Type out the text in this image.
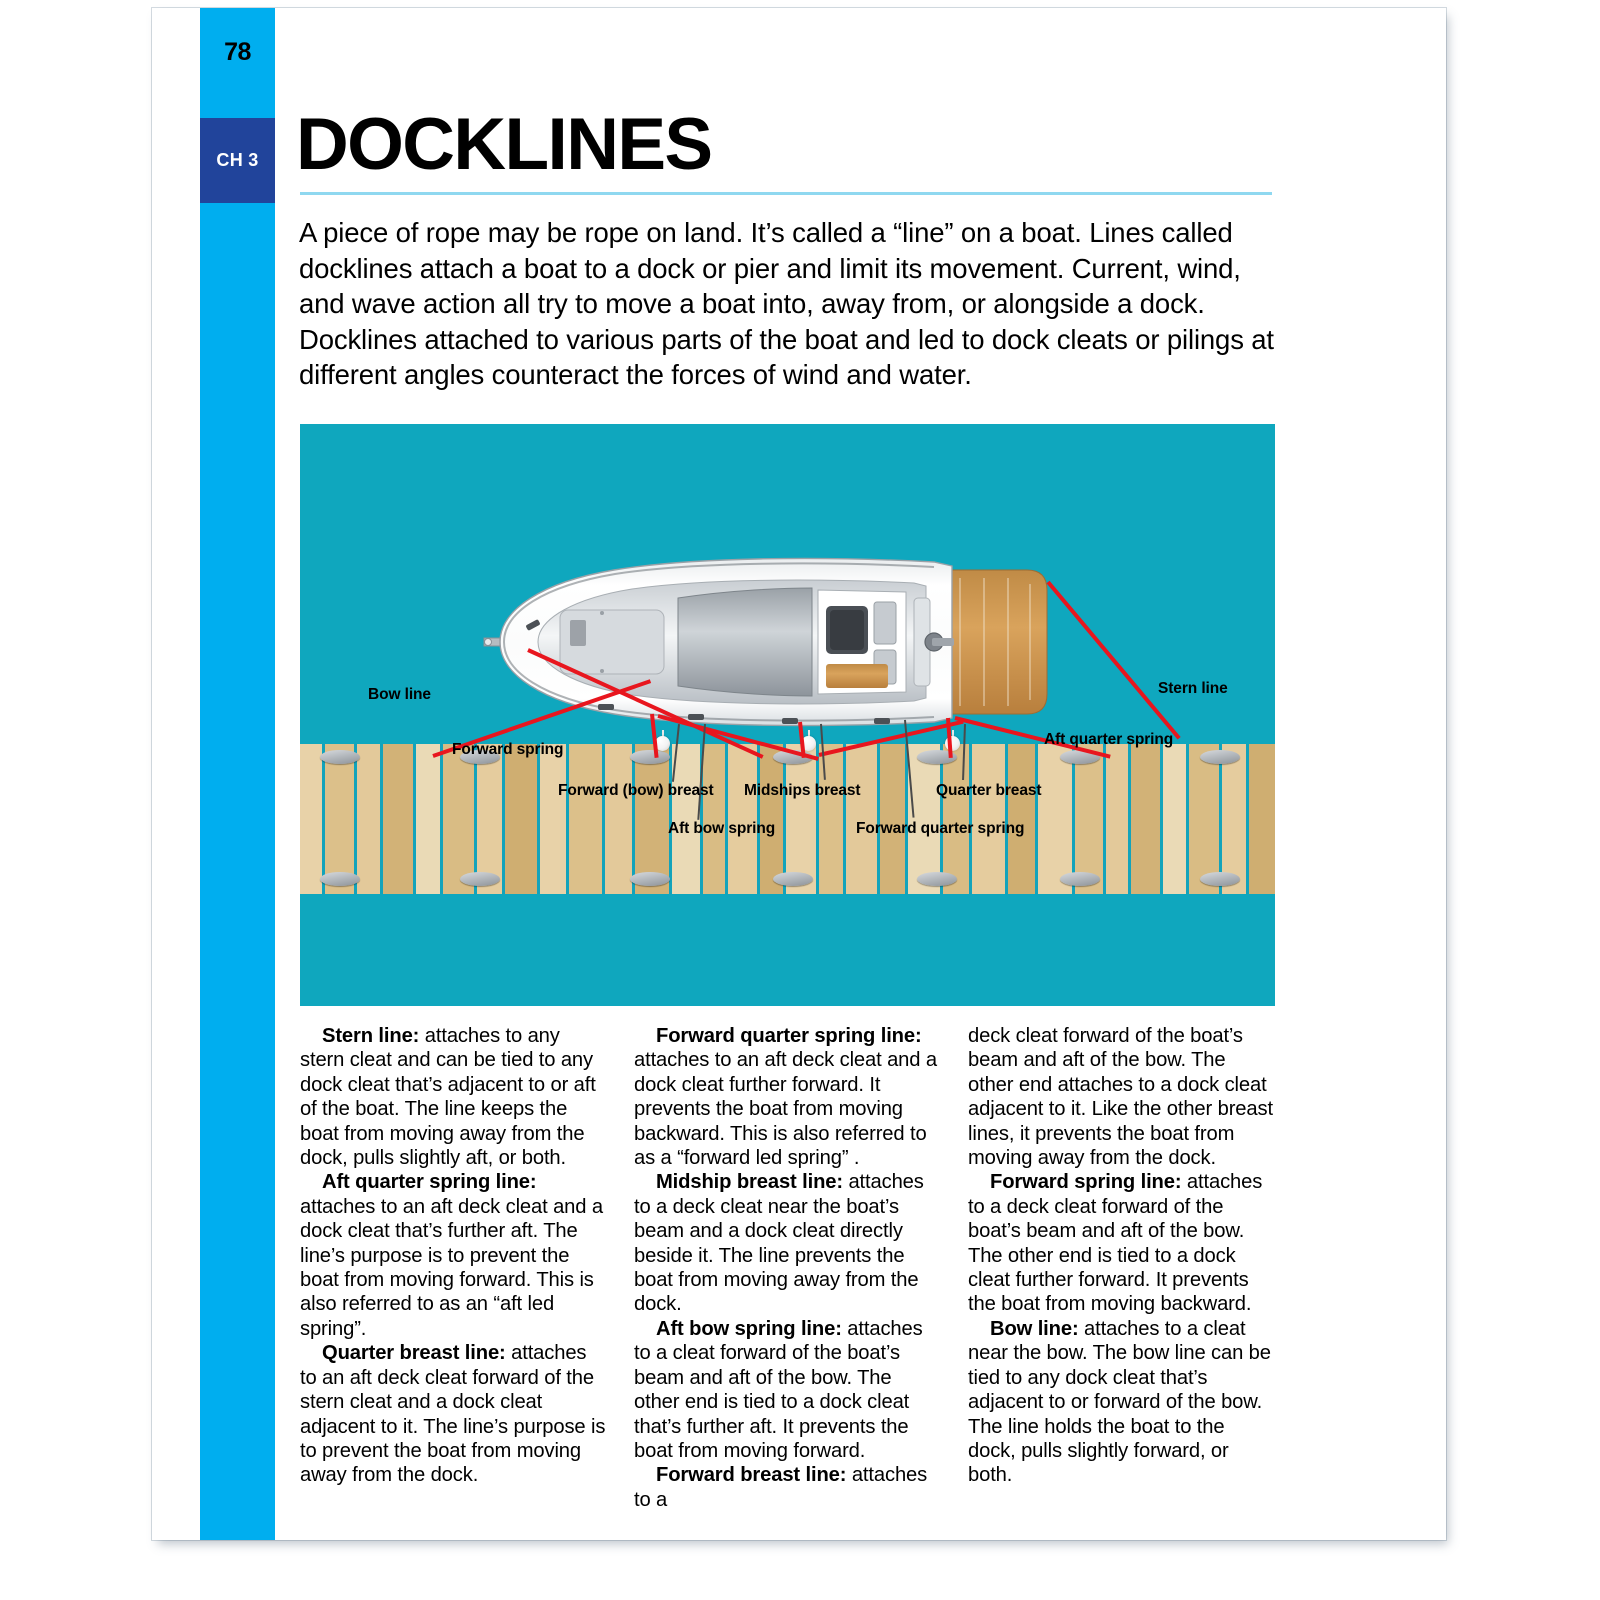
78
CH 3 DOCKLINES
A piece of rope may be rope on land. It’s called a “line” on a boat. Lines called docklines attach a boat to a dock or pier and limit its movement. Current, wind, and wave action all try to move a boat into, away from, or alongside a dock. Docklines attached to various parts of the boat and led to dock cleats or pilings at different angles counteract the forces of wind and water.
Bow line
Forward spring
Forward (bow) breast
Aft bow spring
Midships breast
Forward quarter spring
Quarter breast
Aft quarter spring
Stern line

Stern line: attaches to any stern cleat and can be tied to any dock cleat that’s adjacent to or aft of the boat. The line keeps the boat from moving away from the dock, pulls slightly aft, or both.

Aft quarter spring line: attaches to an aft deck cleat and a dock cleat that’s further aft. The line’s purpose is to prevent the boat from moving forward. This is also referred to as an “aft led spring”.

Quarter breast line: attaches to an aft deck cleat forward of the stern cleat and a dock cleat adjacent to it. The line’s purpose is to prevent the boat from moving away from the dock.

Forward quarter spring line: attaches to an aft deck cleat and a dock cleat further forward. It prevents the boat from moving backward. This is also referred to as a “forward led spring” .

Midship breast line: attaches to a deck cleat near the boat’s beam and a dock cleat directly beside it. The line prevents the boat from moving away from the dock.

Aft bow spring line: attaches to a cleat forward of the boat’s beam and aft of the bow. The other end is tied to a dock cleat that’s further aft. It prevents the boat from moving forward.

Forward breast line: attaches to a

deck cleat forward of the boat’s beam and aft of the bow. The other end attaches to a dock cleat adjacent to it. Like the other breast lines, it prevents the boat from moving away from the dock.

Forward spring line: attaches to a deck cleat forward of the boat’s beam and aft of the bow. The other end is tied to a dock cleat further forward. It prevents the boat from moving backward.

Bow line: attaches to a cleat near the bow. The bow line can be tied to any dock cleat that’s adjacent to or forward of the bow. The line holds the boat to the dock, pulls slightly forward, or both.
